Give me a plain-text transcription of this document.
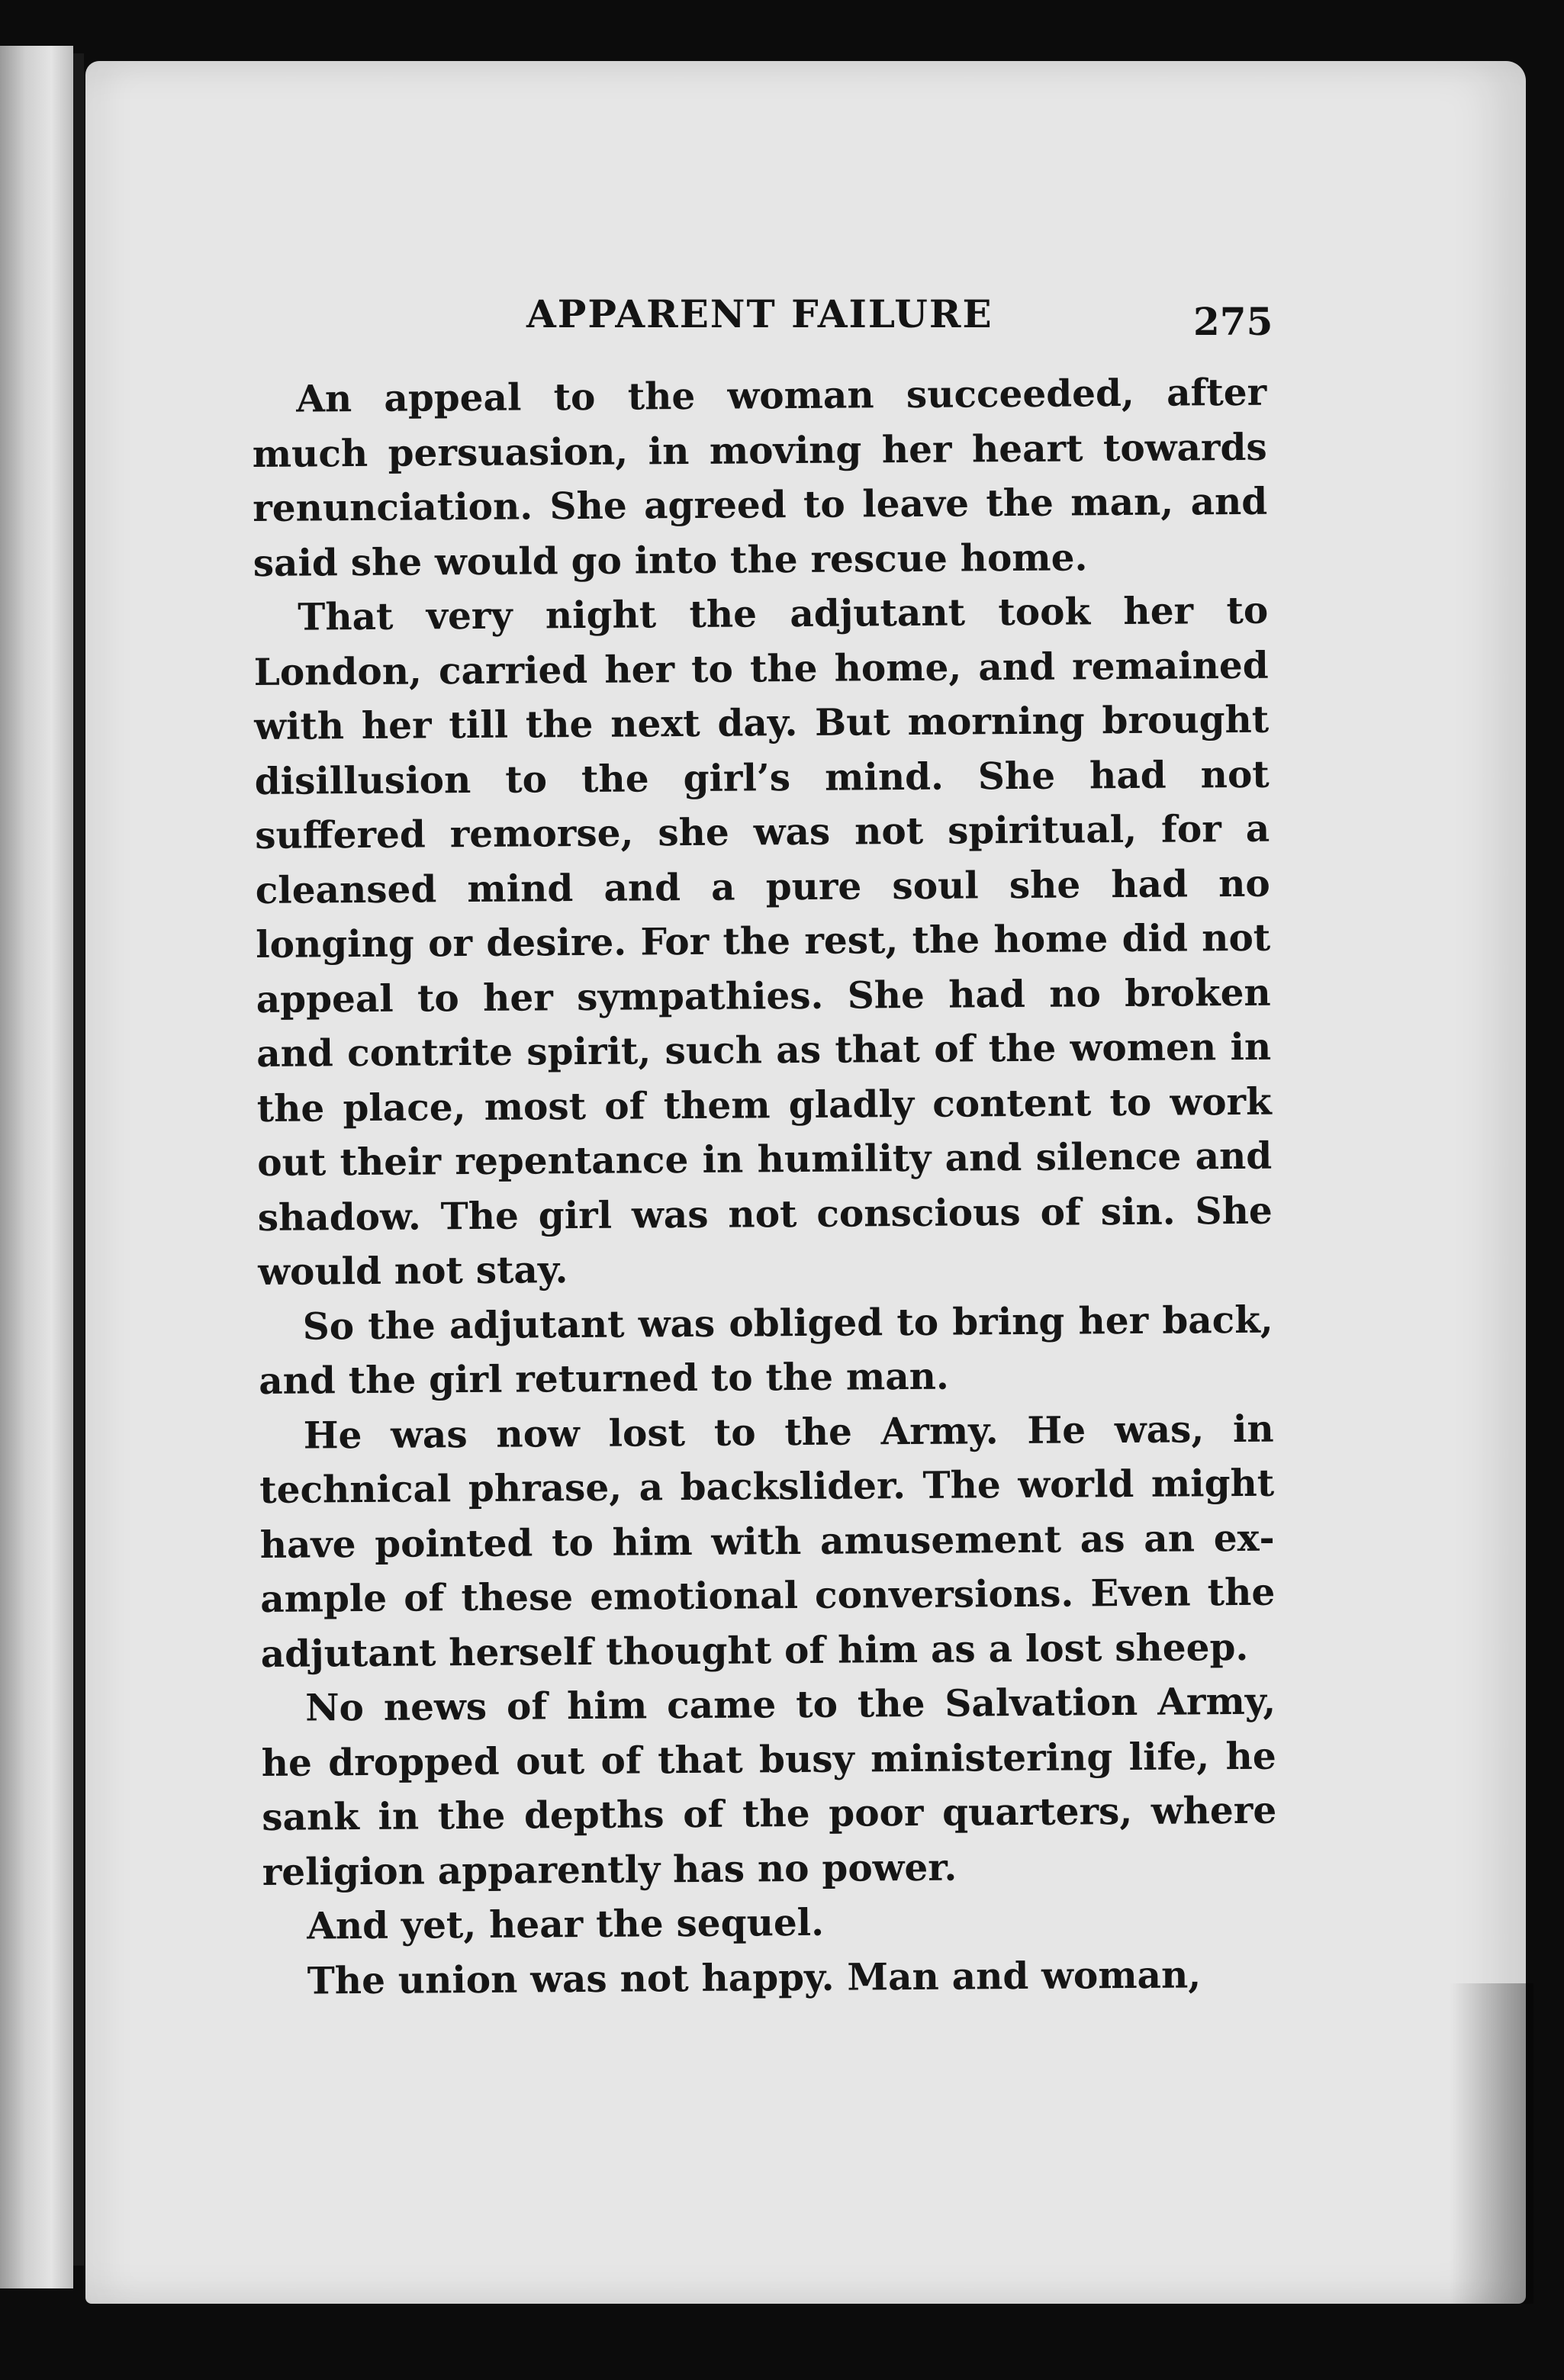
APPARENT FAILURE	275

An appeal to the woman succeeded, after much persuasion, in moving her heart towards renunciation. She agreed to leave the man, and said she would go into the rescue home.

That very night the adjutant took her to London, carried her to the home, and remained with her till the next day. But morning brought disillusion to the girl’s mind. She had not suffered remorse, she was not spiritual, for a cleansed mind and a pure soul she had no longing or desire. For the rest, the home did not appeal to her sympathies. She had no broken and contrite spirit, such as that of the women in the place, most of them gladly content to work out their repentance in humility and silence and shadow. The girl was not conscious of sin. She would not stay.

So the adjutant was obliged to bring her back, and the girl returned to the man.

He was now lost to the Army. He was, in technical phrase, a backslider. The world might have pointed to him with amusement as an example of these emotional conversions. Even the adjutant herself thought of him as a lost sheep.

No news of him came to the Salvation Army, he dropped out of that busy ministering life, he sank in the depths of the poor quarters, where religion apparently has no power.

And yet, hear the sequel.

The union was not happy. Man and woman,
